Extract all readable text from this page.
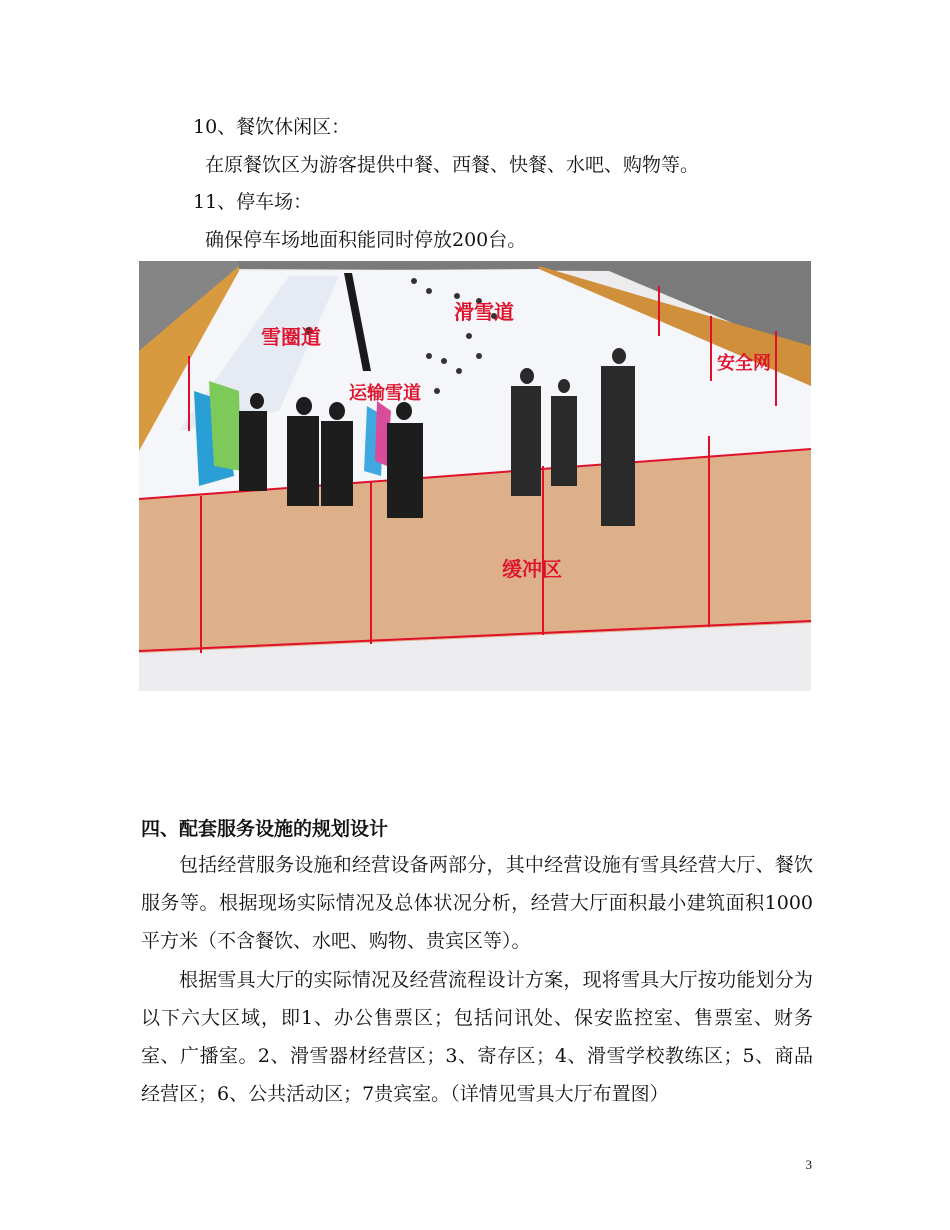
10、餐饮休闲区：
在原餐饮区为游客提供中餐、西餐、快餐、水吧、购物等。
11、停车场：
确保停车场地面积能同时停放200台。
雪圈道
滑雪道
运输雪道
安全网
缓冲区
四、配套服务设施的规划设计
包括经营服务设施和经营设备两部分，其中经营设施有雪具经营大厅、餐饮服务等。根据现场实际情况及总体状况分析，经营大厅面积最小建筑面积1000平方米（不含餐饮、水吧、购物、贵宾区等）。
根据雪具大厅的实际情况及经营流程设计方案，现将雪具大厅按功能划分为以下六大区域，即1、办公售票区；包括问讯处、保安监控室、售票室、财务室、广播室。2、滑雪器材经营区；3、寄存区；4、滑雪学校教练区；5、商品经营区；6、公共活动区；7贵宾室。（详情见雪具大厅布置图）
3
